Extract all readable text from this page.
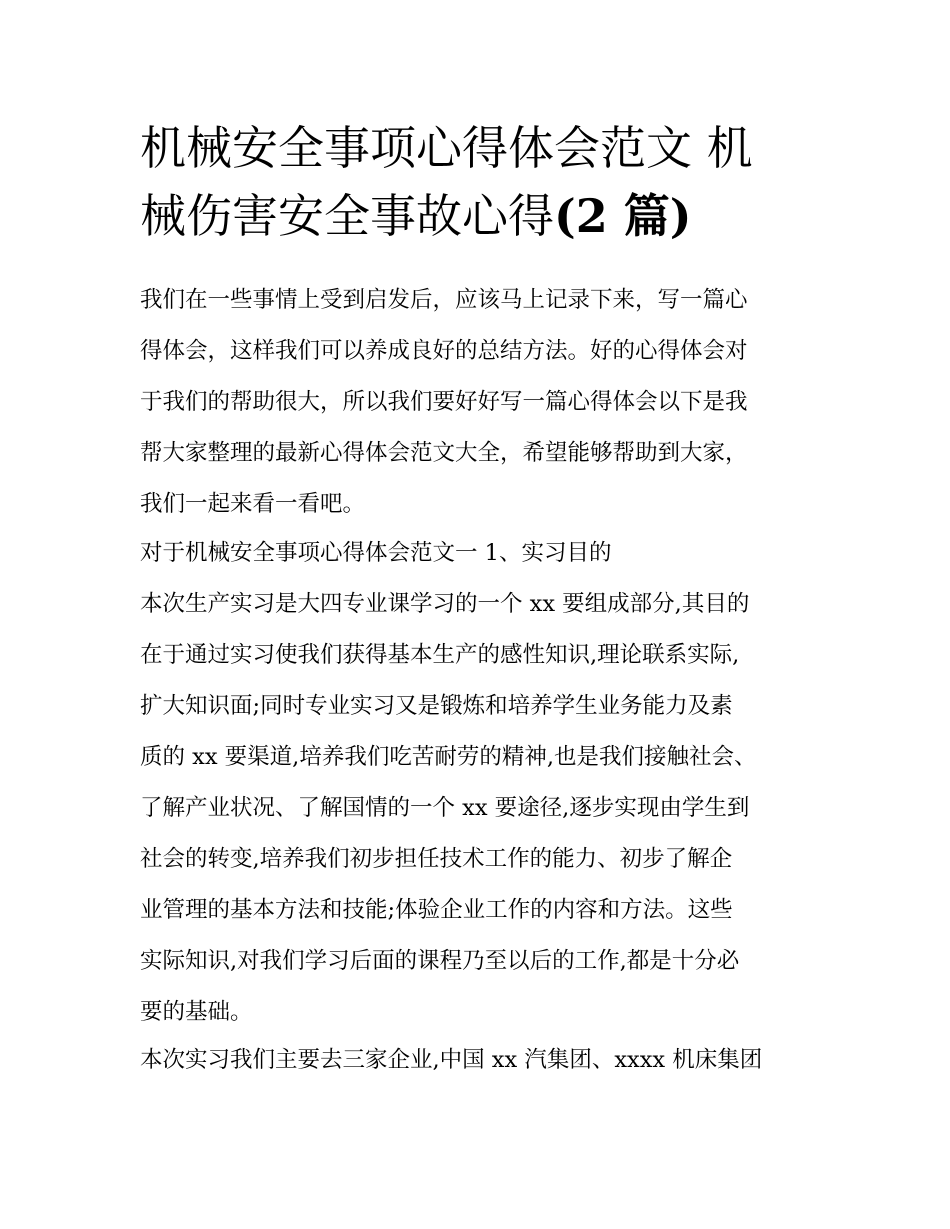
机械安全事项心得体会范文 机
械伤害安全事故心得(2 篇)
我们在一些事情上受到启发后，应该马上记录下来，写一篇心
得体会，这样我们可以养成良好的总结方法。好的心得体会对
于我们的帮助很大，所以我们要好好写一篇心得体会以下是我
帮大家整理的最新心得体会范文大全，希望能够帮助到大家，
我们一起来看一看吧。
对于机械安全事项心得体会范文一 1、实习目的
本次生产实习是大四专业课学习的一个 xx 要组成部分,其目的
在于通过实习使我们获得基本生产的感性知识,理论联系实际,
扩大知识面;同时专业实习又是锻炼和培养学生业务能力及素
质的 xx 要渠道,培养我们吃苦耐劳的精神,也是我们接触社会、
了解产业状况、了解国情的一个 xx 要途径,逐步实现由学生到
社会的转变,培养我们初步担任技术工作的能力、初步了解企
业管理的基本方法和技能;体验企业工作的内容和方法。这些
实际知识,对我们学习后面的课程乃至以后的工作,都是十分必
要的基础。
本次实习我们主要去三家企业,中国 xx 汽集团、xxxx 机床集团
